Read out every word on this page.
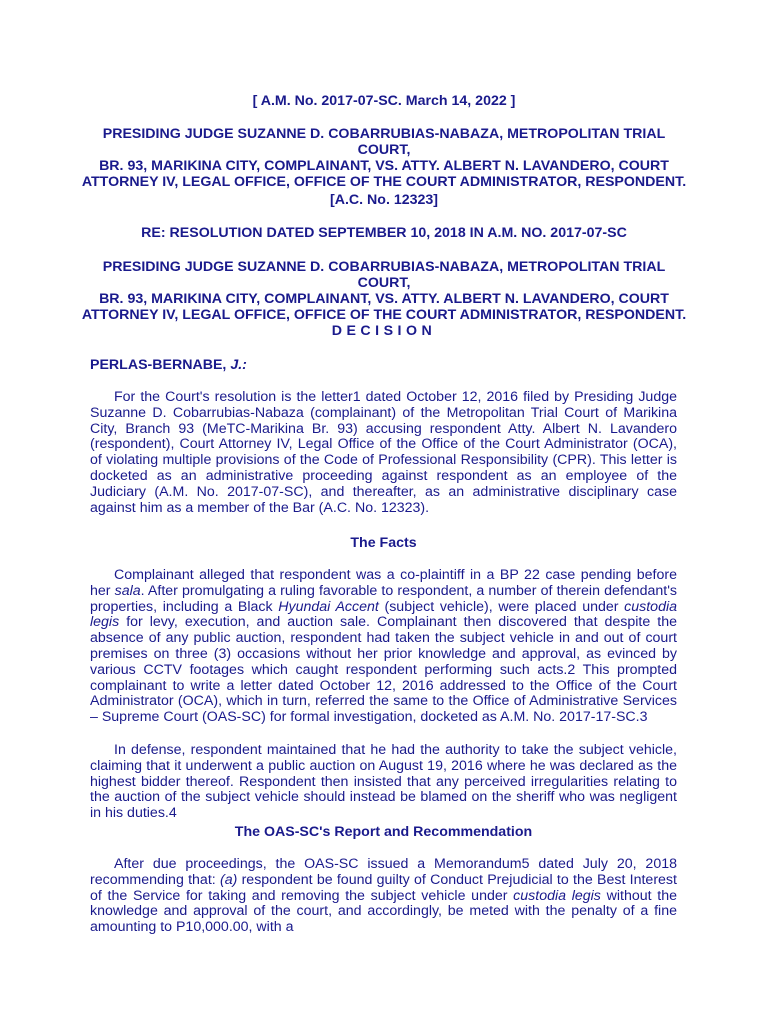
[ A.M. No. 2017-07-SC. March 14, 2022 ]
PRESIDING JUDGE SUZANNE D. COBARRUBIAS-NABAZA, METROPOLITAN TRIAL COURT,
BR. 93, MARIKINA CITY, COMPLAINANT, VS. ATTY. ALBERT N. LAVANDERO, COURT
ATTORNEY IV, LEGAL OFFICE, OFFICE OF THE COURT ADMINISTRATOR, RESPONDENT.
[A.C. No. 12323]
RE: RESOLUTION DATED SEPTEMBER 10, 2018 IN A.M. NO. 2017-07-SC
PRESIDING JUDGE SUZANNE D. COBARRUBIAS-NABAZA, METROPOLITAN TRIAL COURT,
BR. 93, MARIKINA CITY, COMPLAINANT, VS. ATTY. ALBERT N. LAVANDERO, COURT
ATTORNEY IV, LEGAL OFFICE, OFFICE OF THE COURT ADMINISTRATOR, RESPONDENT.
DECISION
PERLAS-BERNABE, J.:
For the Court's resolution is the letter1 dated October 12, 2016 filed by Presiding Judge Suzanne D. Cobarrubias-Nabaza (complainant) of the Metropolitan Trial Court of Marikina City, Branch 93 (MeTC-Marikina Br. 93) accusing respondent Atty. Albert N. Lavandero (respondent), Court Attorney IV, Legal Office of the Office of the Court Administrator (OCA), of violating multiple provisions of the Code of Professional Responsibility (CPR). This letter is docketed as an administrative proceeding against respondent as an employee of the Judiciary (A.M. No. 2017-07-SC), and thereafter, as an administrative disciplinary case against him as a member of the Bar (A.C. No. 12323).
The Facts
Complainant alleged that respondent was a co-plaintiff in a BP 22 case pending before her sala. After promulgating a ruling favorable to respondent, a number of therein defendant's properties, including a Black Hyundai Accent (subject vehicle), were placed under custodia legis for levy, execution, and auction sale. Complainant then discovered that despite the absence of any public auction, respondent had taken the subject vehicle in and out of court premises on three (3) occasions without her prior knowledge and approval, as evinced by various CCTV footages which caught respondent performing such acts.2 This prompted complainant to write a letter dated October 12, 2016 addressed to the Office of the Court Administrator (OCA), which in turn, referred the same to the Office of Administrative Services – Supreme Court (OAS-SC) for formal investigation, docketed as A.M. No. 2017-17-SC.3
In defense, respondent maintained that he had the authority to take the subject vehicle, claiming that it underwent a public auction on August 19, 2016 where he was declared as the highest bidder thereof. Respondent then insisted that any perceived irregularities relating to the auction of the subject vehicle should instead be blamed on the sheriff who was negligent in his duties.4
The OAS-SC's Report and Recommendation
After due proceedings, the OAS-SC issued a Memorandum5 dated July 20, 2018 recommending that: (a) respondent be found guilty of Conduct Prejudicial to the Best Interest of the Service for taking and removing the subject vehicle under custodia legis without the knowledge and approval of the court, and accordingly, be meted with the penalty of a fine amounting to P10,000.00, with a
